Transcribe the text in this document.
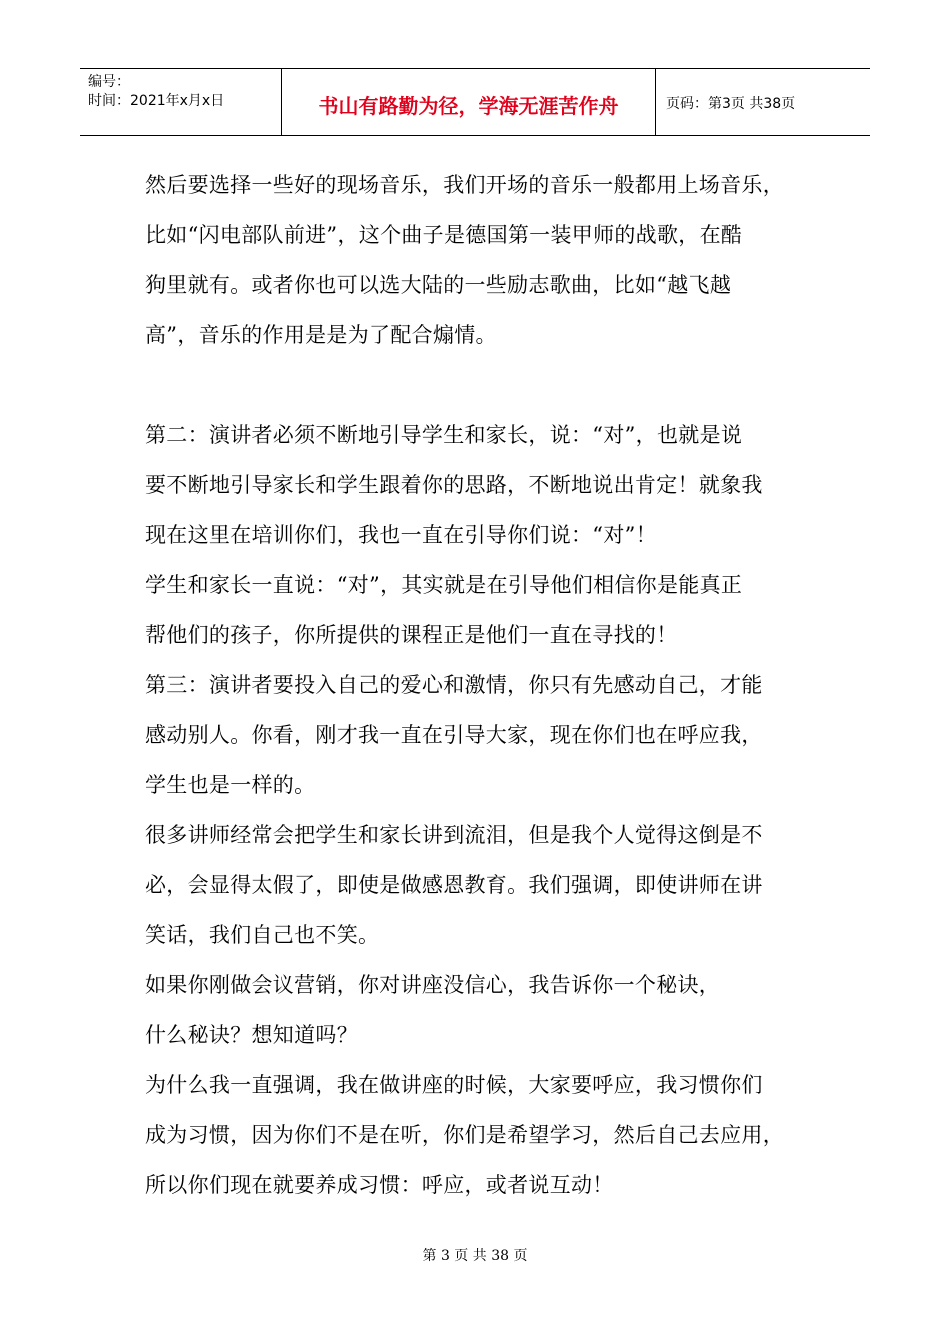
编号：
时间：2021年x月x日	书山有路勤为径，学海无涯苦作舟	页码：第3页 共38页

然后要选择一些好的现场音乐，我们开场的音乐一般都用上场音乐，

比如“闪电部队前进”，这个曲子是德国第一装甲师的战歌，在酷

狗里就有。或者你也可以选大陆的一些励志歌曲，比如“越飞越

高”，音乐的作用是是为了配合煽情。

第二：演讲者必须不断地引导学生和家长，说：“对”，也就是说

要不断地引导家长和学生跟着你的思路，不断地说出肯定！就象我

现在这里在培训你们，我也一直在引导你们说：“对”！

学生和家长一直说：“对”，其实就是在引导他们相信你是能真正

帮他们的孩子，你所提供的课程正是他们一直在寻找的！

第三：演讲者要投入自己的爱心和激情，你只有先感动自己，才能

感动别人。你看，刚才我一直在引导大家，现在你们也在呼应我，

学生也是一样的。

很多讲师经常会把学生和家长讲到流泪，但是我个人觉得这倒是不

必，会显得太假了，即使是做感恩教育。我们强调，即使讲师在讲

笑话，我们自己也不笑。

如果你刚做会议营销，你对讲座没信心，我告诉你一个秘诀，

什么秘诀？想知道吗？

为什么我一直强调，我在做讲座的时候，大家要呼应，我习惯你们

成为习惯，因为你们不是在听，你们是希望学习，然后自己去应用，

所以你们现在就要养成习惯：呼应，或者说互动！

第 3 页 共 38 页
